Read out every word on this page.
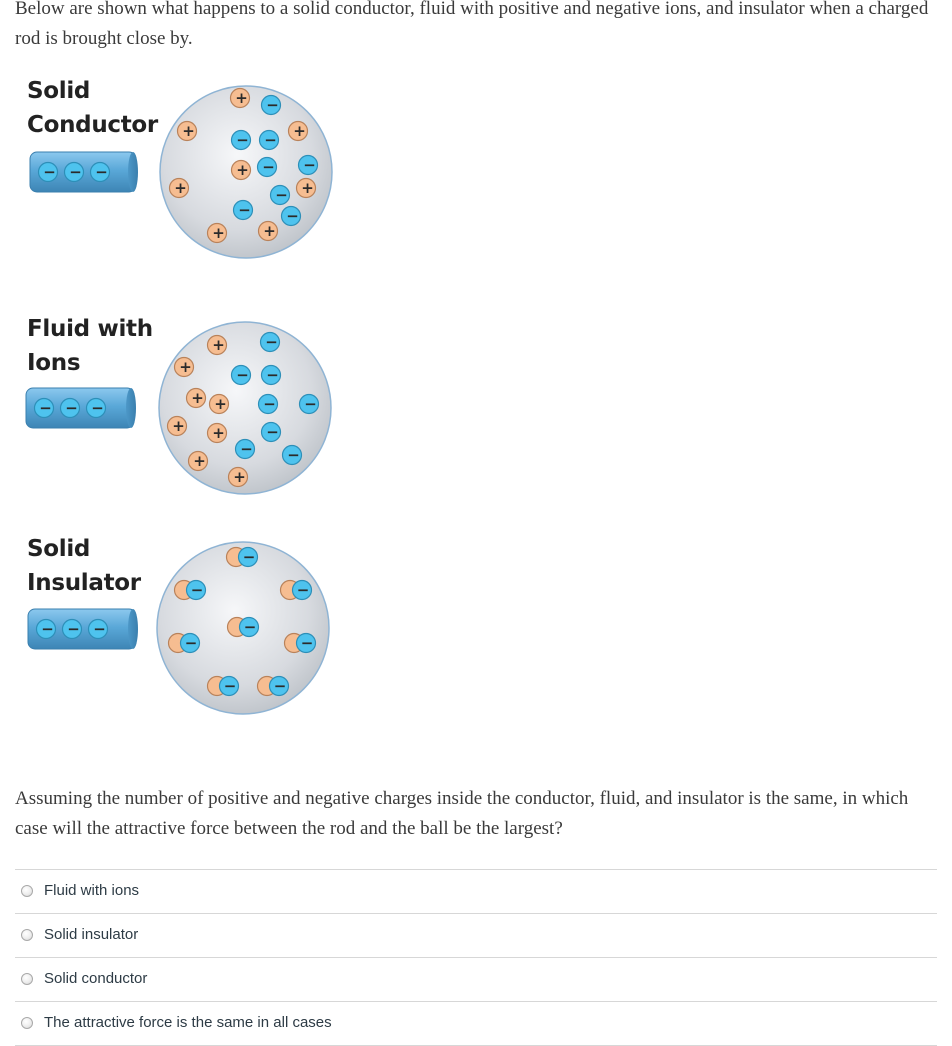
Below are shown what happens to a solid conductor, fluid with positive and negative ions, and insulator when a charged rod is brought close by.

Solid
Conductor
Fluid with
Ions
Solid
Insulator
− − −
− − −
− − −
+ −
+	− − +
+ − −
+	− +
− −
+	+
+	−
+	− −
+ + − −
+ +	−
− −
+
+
−
−	−
−
−	−
− −

Assuming the number of positive and negative charges inside the conductor, fluid, and insulator is the same, in which case will the attractive force between the rod and the ball be the largest?

Fluid with ions
Solid insulator
Solid conductor
The attractive force is the same in all cases
